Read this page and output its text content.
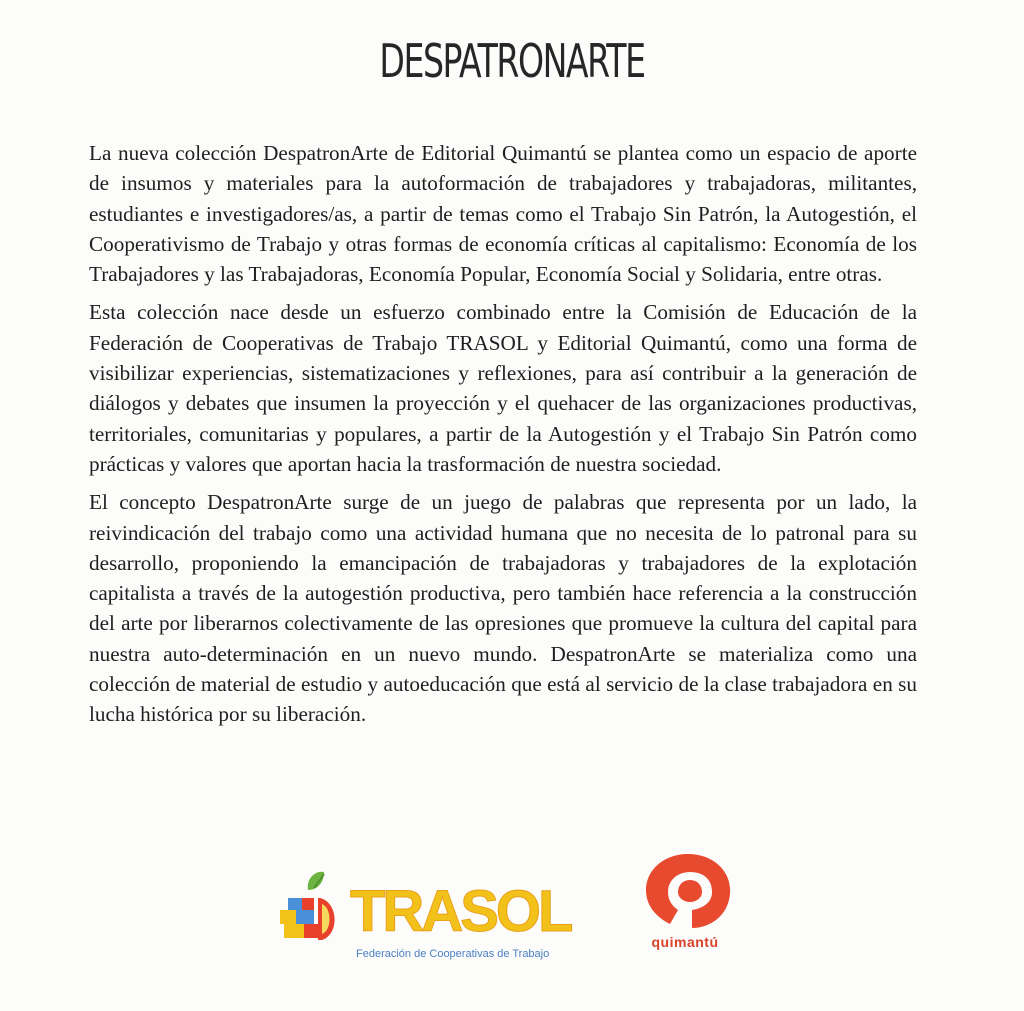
DESPATRONARTE

La nueva colección DespatronArte de Editorial Quimantú se plantea como un espacio de aporte de insumos y materiales para la autoformación de trabajadores y trabajadoras, militantes, estudiantes e investigadores/as, a partir de temas como el Trabajo Sin Patrón, la Autogestión, el Cooperativismo de Trabajo y otras formas de economía críticas al capitalismo: Economía de los Trabajadores y las Trabajadoras, Economía Popular, Economía Social y Solidaria, entre otras.

Esta colección nace desde un esfuerzo combinado entre la Comisión de Educación de la Federación de Cooperativas de Trabajo TRASOL y Editorial Quimantú, como una forma de visibilizar experiencias, sistematizaciones y reflexiones, para así contribuir a la generación de diálogos y debates que insumen la proyección y el quehacer de las organizaciones productivas, territoriales, comunitarias y populares, a partir de la Autogestión y el Trabajo Sin Patrón como prácticas y valores que aportan hacia la trasformación de nuestra sociedad.

El concepto DespatronArte surge de un juego de palabras que representa por un lado, la reivindicación del trabajo como una actividad humana que no necesita de lo patronal para su desarrollo, proponiendo la emancipación de trabajadoras y trabajadores de la explotación capitalista a través de la autogestión productiva, pero también hace referencia a la construcción del arte por liberarnos colectivamente de las opresiones que promueve la cultura del capital para nuestra auto-determinación en un nuevo mundo. DespatronArte se materializa como una colección de material de estudio y autoeducación que está al servicio de la clase trabajadora en su lucha histórica por su liberación.

TRASOL
Federación de Cooperativas de Trabajo
quimantú
